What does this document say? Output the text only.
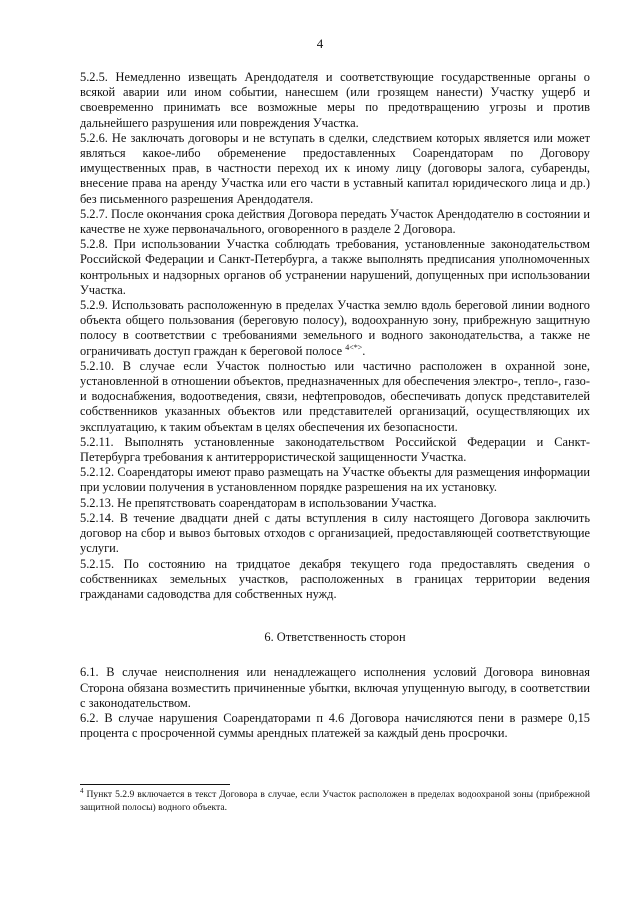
4

5.2.5. Немедленно извещать Арендодателя и соответствующие государственные органы о всякой аварии или ином событии, нанесшем (или грозящем нанести) Участку ущерб и своевременно принимать все возможные меры по предотвращению угрозы и против дальнейшего разрушения или повреждения Участка.

5.2.6. Не заключать договоры и не вступать в сделки, следствием которых является или может являться какое-либо обременение предоставленных Соарендаторам по Договору имущественных прав, в частности переход их к иному лицу (договоры залога, субаренды, внесение права на аренду Участка или его части в уставный капитал юридического лица и др.) без письменного разрешения Арендодателя.

5.2.7. После окончания срока действия Договора передать Участок Арендодателю в состоянии и качестве не хуже первоначального, оговоренного в разделе 2 Договора.

5.2.8. При использовании Участка соблюдать требования, установленные законодательством Российской Федерации и Санкт-Петербурга, а также выполнять предписания уполномоченных контрольных и надзорных органов об устранении нарушений, допущенных при использовании Участка.

5.2.9. Использовать расположенную в пределах Участка землю вдоль береговой линии водного объекта общего пользования (береговую полосу), водоохранную зону, прибрежную защитную полосу в соответствии с требованиями земельного и водного законодательства, а также не ограничивать доступ граждан к береговой полосе $^{4<*>}$.

5.2.10. В случае если Участок полностью или частично расположен в охранной зоне, установленной в отношении объектов, предназначенных для обеспечения электро-, тепло-, газо- и водоснабжения, водоотведения, связи, нефтепроводов, обеспечивать допуск представителей собственников указанных объектов или представителей организаций, осуществляющих их эксплуатацию, к таким объектам в целях обеспечения их безопасности.

5.2.11. Выполнять установленные законодательством Российской Федерации и Санкт-Петербурга требования к антитеррористической защищенности Участка.

5.2.12. Соарендаторы имеют право размещать на Участке объекты для размещения информации при условии получения в установленном порядке разрешения на их установку.

5.2.13. Не препятствовать соарендаторам в использовании Участка.

5.2.14. В течение двадцати дней с даты вступления в силу настоящего Договора заключить договор на сбор и вывоз бытовых отходов с организацией, предоставляющей соответствующие услуги.

5.2.15. По состоянию на тридцатое декабря текущего года предоставлять сведения о собственниках земельных участков, расположенных в границах территории ведения гражданами садоводства для собственных нужд.

6. Ответственность сторон

6.1. В случае неисполнения или ненадлежащего исполнения условий Договора виновная Сторона обязана возместить причиненные убытки, включая упущенную выгоду, в соответствии с законодательством.

6.2. В случае нарушения Соарендаторами п 4.6 Договора начисляются пени в размере 0,15 процента с просроченной суммы арендных платежей за каждый день просрочки.

$^4$ Пункт 5.2.9 включается в текст Договора в случае, если Участок расположен в пределах водоохраной зоны (прибрежной защитной полосы) водного объекта.
